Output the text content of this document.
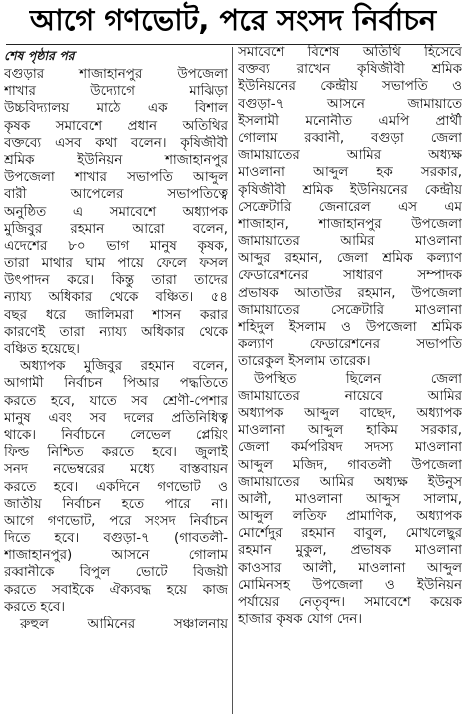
আগে গণভোট, পরে সংসদ নির্বাচন
শেষ পৃষ্ঠার পর
বগুড়ার শাজাহানপুর উপজেলা
শাখার উদ্যোগে মাঝিড়া
উচ্চবিদ্যালয় মাঠে এক বিশাল
কৃষক সমাবেশে প্রধান অতিথির
বক্তব্যে এসব কথা বলেন। কৃষিজীবী
শ্রমিক ইউনিয়ন শাজাহানপুর
উপজেলা শাখার সভাপতি আব্দুল
বারী আপেলের সভাপতিত্বে
অনুষ্ঠিত এ সমাবেশে অধ্যাপক
মুজিবুর রহমান আরো বলেন,
এদেশের ৮০ ভাগ মানুষ কৃষক,
তারা মাথার ঘাম পায়ে ফেলে ফসল
উৎপাদন করে। কিন্তু তারা তাদের
ন্যায্য অধিকার থেকে বঞ্চিত। ৫৪
বছর ধরে জালিমরা শাসন করার
কারণেই তারা ন্যায্য অধিকার থেকে
বঞ্চিত হয়েছে।
অধ্যাপক মুজিবুর রহমান বলেন,
আগামী নির্বাচন পিআর পদ্ধতিতে
করতে হবে, যাতে সব শ্রেণী-পেশার
মানুষ এবং সব দলের প্রতিনিধিত্ব
থাকে। নির্বাচনে লেভেল প্লেয়িং
ফিল্ড নিশ্চিত করতে হবে। জুলাই
সনদ নভেম্বরের মধ্যে বাস্তবায়ন
করতে হবে। একদিনে গণভোট ও
জাতীয় নির্বাচন হতে পারে না।
আগে গণভোট, পরে সংসদ নির্বাচন
দিতে হবে। বগুড়া-৭ (গাবতলী-
শাজাহানপুর) আসনে গোলাম
রব্বানীকে বিপুল ভোটে বিজয়ী
করতে সবাইকে ঐক্যবদ্ধ হয়ে কাজ
করতে হবে।
রুহুল আমিনের সঞ্চালনায়
সমাবেশে বিশেষ অতিথি হিসেবে
বক্তব্য রাখেন কৃষিজীবী শ্রমিক
ইউনিয়নের কেন্দ্রীয় সভাপতি ও
বগুড়া-৭ আসনে জামায়াতে
ইসলামী মনোনীত এমপি প্রার্থী
গোলাম রব্বানী, বগুড়া জেলা
জামায়াতের আমির অধ্যক্ষ
মাওলানা আব্দুল হক সরকার,
কৃষিজীবী শ্রমিক ইউনিয়নের কেন্দ্রীয়
সেক্রেটারি জেনারেল এস এম
শাজাহান, শাজাহানপুর উপজেলা
জামায়াতের আমির মাওলানা
আব্দুর রহমান, জেলা শ্রমিক কল্যাণ
ফেডারেশনের সাধারণ সম্পাদক
প্রভাষক আতাউর রহমান, উপজেলা
জামায়াতের সেক্রেটারি মাওলানা
শহিদুল ইসলাম ও উপজেলা শ্রমিক
কল্যাণ ফেডারেশনের সভাপতি
তারেকুল ইসলাম তারেক।
উপস্থিত ছিলেন জেলা
জামায়াতের নায়েবে আমির
অধ্যাপক আব্দুল বাছেদ, অধ্যাপক
মাওলানা আব্দুল হাকিম সরকার,
জেলা কর্মপরিষদ সদস্য মাওলানা
আব্দুল মজিদ, গাবতলী উপজেলা
জামায়াতের আমির অধ্যক্ষ ইউনুস
আলী, মাওলানা আব্দুস সালাম,
আব্দুল লতিফ প্রামাণিক, অধ্যাপক
মোর্শেদুর রহমান বাবুল, মোখলেছুর
রহমান মুকুল, প্রভাষক মাওলানা
কাওসার আলী, মাওলানা আব্দুল
মোমিনসহ উপজেলা ও ইউনিয়ন
পর্যায়ের নেতৃবৃন্দ। সমাবেশে কয়েক
হাজার কৃষক যোগ দেন।
